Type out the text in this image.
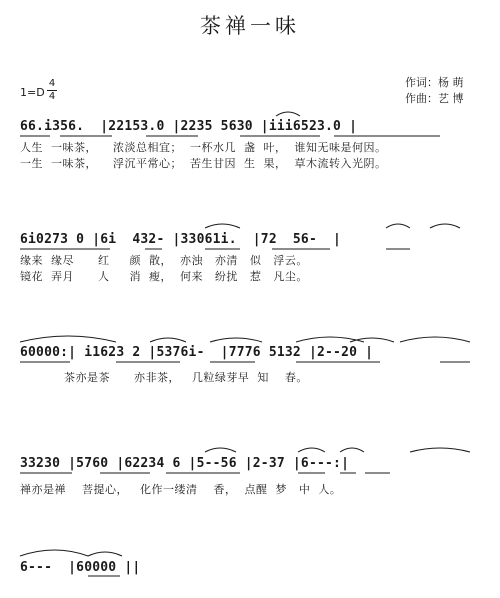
茶禅一味
1=D
4
4
作词：杨 萌
作曲：艺 博
66.i356.  |22153.0 |2235 5630 |iii6523.0 |
人生  一味茶，    浓淡总相宜；  一杯水几  盏  叶，  谁知无味是何因。
一生  一味茶，    浮沉平常心；  苦生甘因  生  果，  草木流转入光阴。
6i0273 0 |6i  432- |33061i.  |72  56-  |
缘来  缘尽      红     颜  散，  亦浊   亦清   似   浮云。
镜花  弄月      人     消  瘦，  何来   纷扰   惹   凡尘。
60000:| i1623 2 |5376i-  |7776 5132 |2--20 |
茶亦是茶      亦非茶，   几粒绿芽早  知    春。
33230 |5760 |62234 6 |5--56 |2-37 |6---:|
禅亦是禅    菩提心，   化作一缕清    香，  点醒  梦   中  人。
6---  |60000 ||
